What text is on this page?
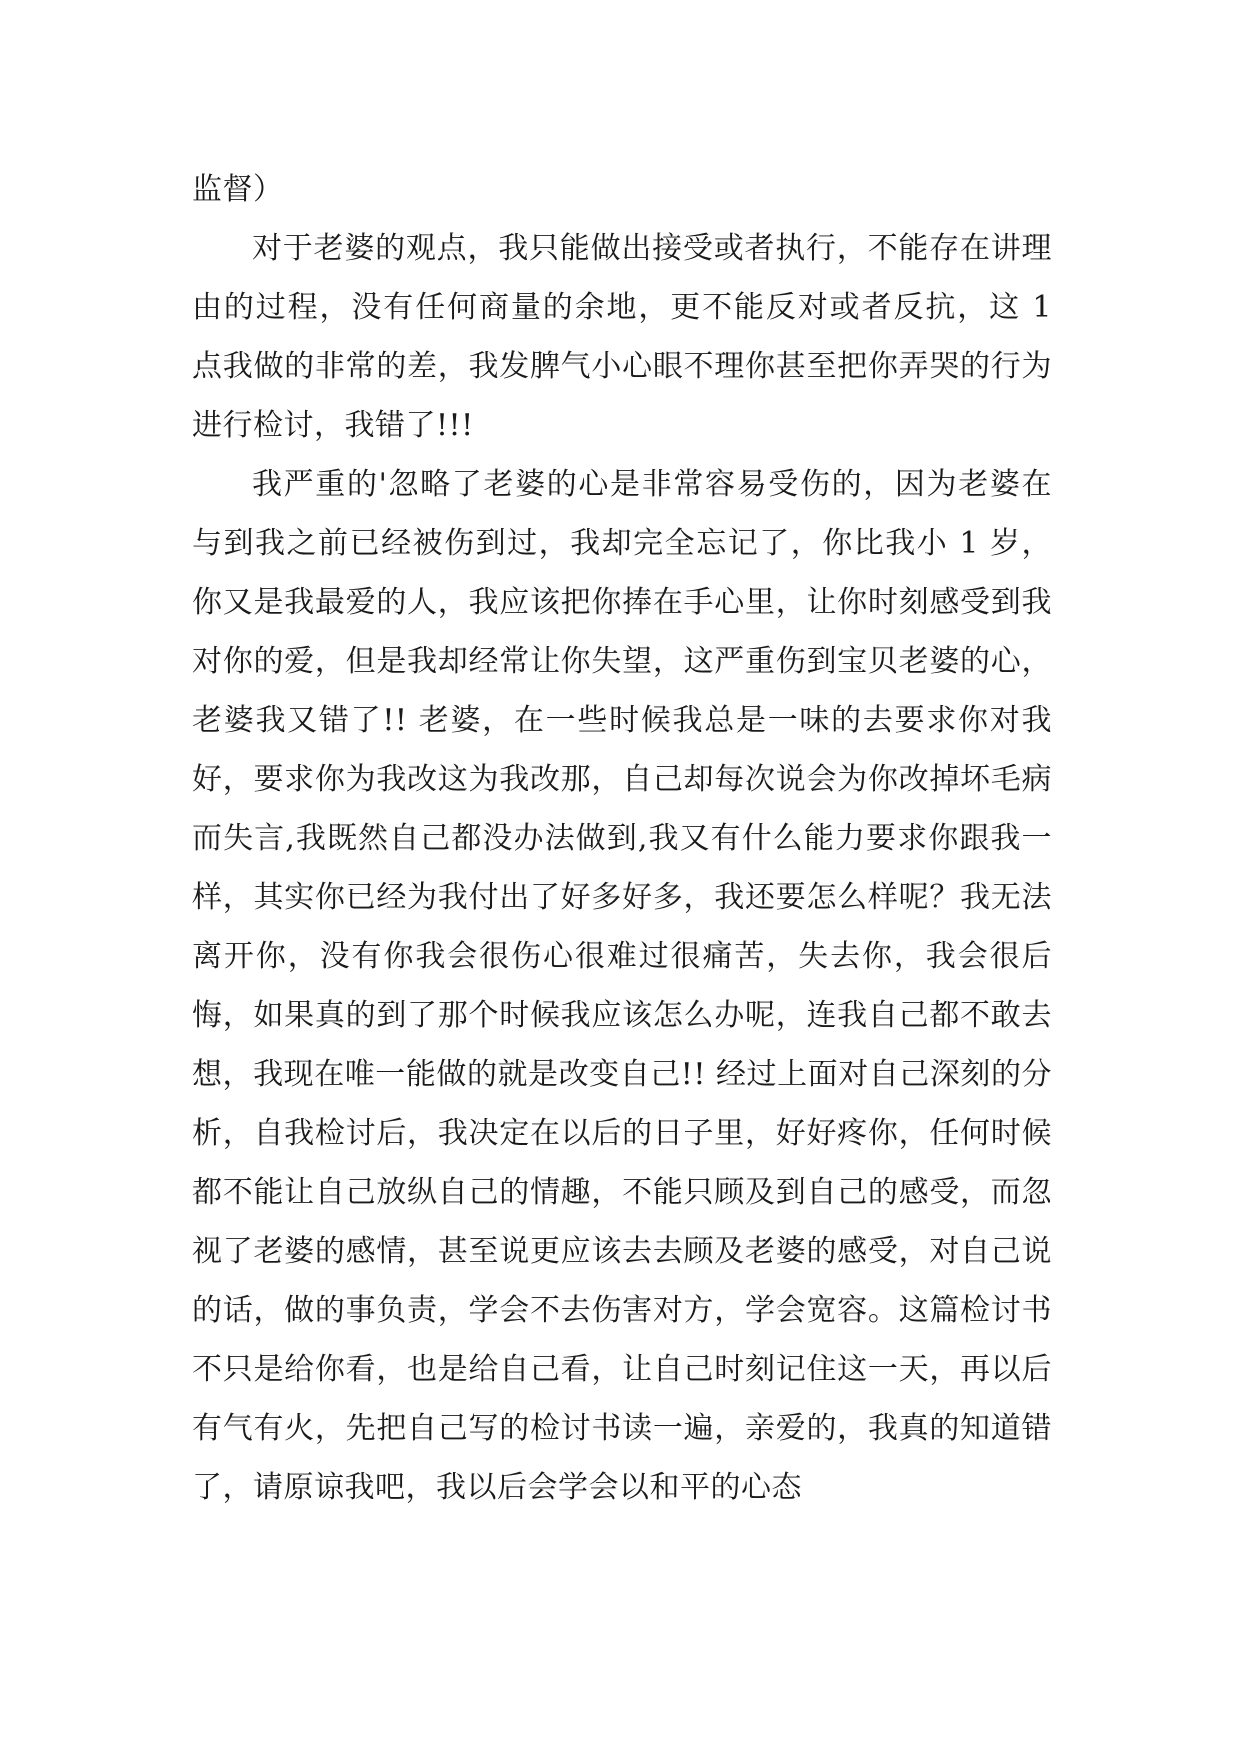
监督）

对于老婆的观点，我只能做出接受或者执行，不能存在讲理由的过程，没有任何商量的余地，更不能反对或者反抗，这 1 点我做的非常的差，我发脾气小心眼不理你甚至把你弄哭的行为进行检讨，我错了!!!

我严重的'忽略了老婆的心是非常容易受伤的，因为老婆在与到我之前已经被伤到过，我却完全忘记了，你比我小 1 岁，你又是我最爱的人，我应该把你捧在手心里，让你时刻感受到我对你的爱，但是我却经常让你失望，这严重伤到宝贝老婆的心，老婆我又错了!! 老婆，在一些时候我总是一味的去要求你对我好，要求你为我改这为我改那，自己却每次说会为你改掉坏毛病而失言,我既然自己都没办法做到,我又有什么能力要求你跟我一样，其实你已经为我付出了好多好多，我还要怎么样呢？我无法离开你，没有你我会很伤心很难过很痛苦，失去你，我会很后悔，如果真的到了那个时候我应该怎么办呢，连我自己都不敢去想，我现在唯一能做的就是改变自己!! 经过上面对自己深刻的分析，自我检讨后，我决定在以后的日子里，好好疼你，任何时候都不能让自己放纵自己的情趣，不能只顾及到自己的感受，而忽视了老婆的感情，甚至说更应该去去顾及老婆的感受，对自己说的话，做的事负责，学会不去伤害对方，学会宽容。这篇检讨书不只是给你看，也是给自己看，让自己时刻记住这一天，再以后有气有火，先把自己写的检讨书读一遍，亲爱的，我真的知道错了，请原谅我吧，我以后会学会以和平的心态
